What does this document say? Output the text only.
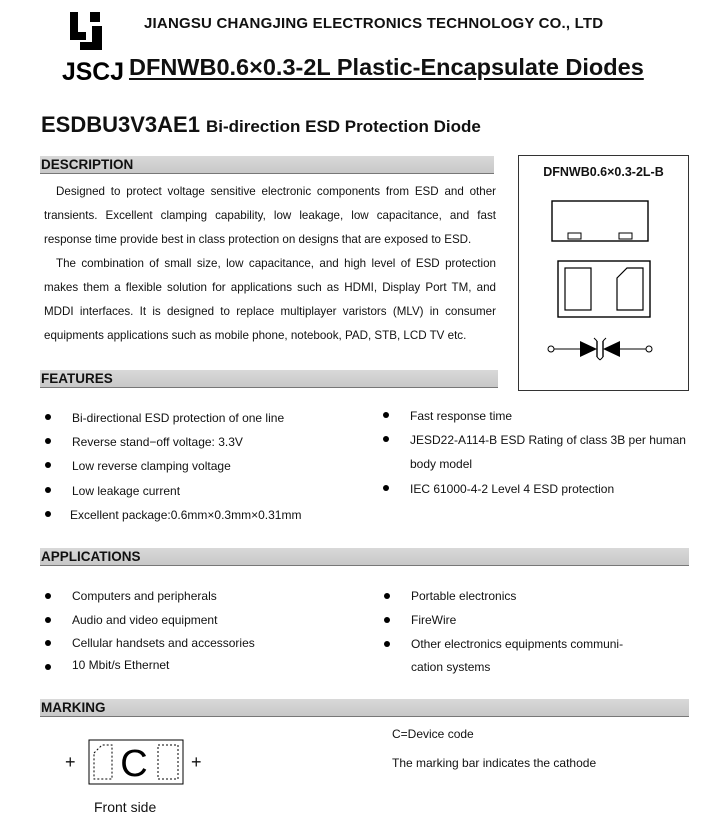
JSCJ
JIANGSU CHANGJING ELECTRONICS TECHNOLOGY CO., LTD
DFNWB0.6×0.3-2L Plastic-Encapsulate Diodes
ESDBU3V3AE1 Bi-direction ESD Protection Diode
DESCRIPTION

Designed to protect voltage sensitive electronic components from ESD and other transients. Excellent clamping capability, low leakage, low capacitance, and fast response time provide best in class protection on designs that are exposed to ESD.

The combination of small size, low capacitance, and high level of ESD protection makes them a flexible solution for applications such as HDMI, Display Port TM, and MDDI interfaces. It is designed to replace multiplayer varistors (MLV) in consumer equipments applications such as mobile phone, notebook, PAD, STB, LCD TV etc.

DFNWB0.6×0.3-2L-B
FEATURES
Bi-directional ESD protection of one line
Reverse stand−off voltage: 3.3V
Low reverse clamping voltage
Low leakage current
Excellent package:0.6mm×0.3mm×0.31mm
Fast response time
JESD22-A114-B ESD Rating of class 3B per human body model
IEC 61000-4-2 Level 4 ESD protection
APPLICATIONS
Computers and peripherals
Audio and video equipment
Cellular handsets and accessories
10 Mbit/s Ethernet
Portable electronics
FireWire
Other electronics equipments communi-cation systems
MARKING
+ C +
Front side
C=Device code
The marking bar indicates the cathode
